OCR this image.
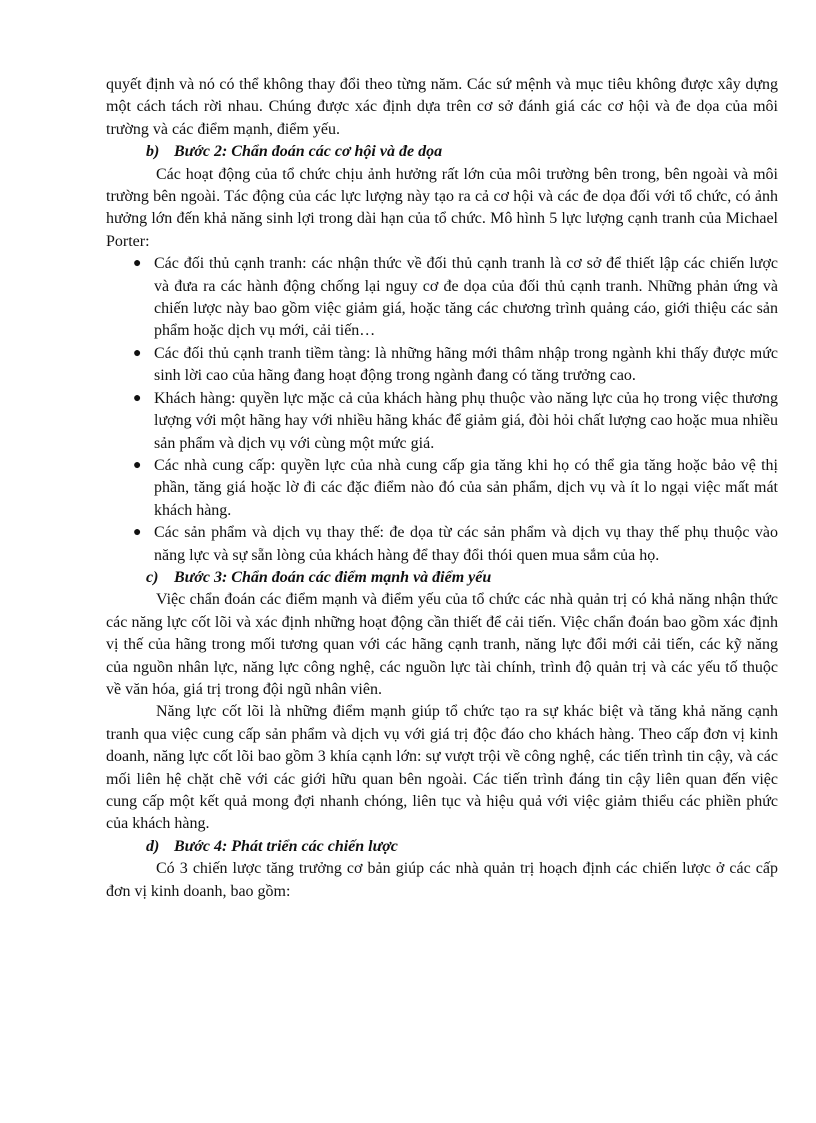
quyết định và nó có thể không thay đổi theo từng năm. Các sứ mệnh và mục tiêu không được xây dựng một cách tách rời nhau. Chúng được xác định dựa trên cơ sở đánh giá các cơ hội và đe dọa của môi trường và các điểm mạnh, điểm yếu.

b) Bước 2: Chẩn đoán các cơ hội và đe dọa

Các hoạt động của tổ chức chịu ảnh hưởng rất lớn của môi trường bên trong, bên ngoài và môi trường bên ngoài. Tác động của các lực lượng này tạo ra cả cơ hội và các đe dọa đối với tổ chức, có ảnh hưởng lớn đến khả năng sinh lợi trong dài hạn của tổ chức. Mô hình 5 lực lượng cạnh tranh của Michael Porter:

● Các đối thủ cạnh tranh: các nhận thức về đối thủ cạnh tranh là cơ sở để thiết lập các chiến lược và đưa ra các hành động chống lại nguy cơ đe dọa của đối thủ cạnh tranh. Những phản ứng và chiến lược này bao gồm việc giảm giá, hoặc tăng các chương trình quảng cáo, giới thiệu các sản phẩm hoặc dịch vụ mới, cải tiến…
● Các đối thủ cạnh tranh tiềm tàng: là những hãng mới thâm nhập trong ngành khi thấy được mức sinh lời cao của hãng đang hoạt động trong ngành đang có tăng trưởng cao.
● Khách hàng: quyền lực mặc cả của khách hàng phụ thuộc vào năng lực của họ trong việc thương lượng với một hãng hay với nhiều hãng khác để giảm giá, đòi hỏi chất lượng cao hoặc mua nhiều sản phẩm và dịch vụ với cùng một mức giá.
● Các nhà cung cấp: quyền lực của nhà cung cấp gia tăng khi họ có thể gia tăng hoặc bảo vệ thị phần, tăng giá hoặc lờ đi các đặc điểm nào đó của sản phẩm, dịch vụ và ít lo ngại việc mất mát khách hàng.
● Các sản phẩm và dịch vụ thay thế: đe dọa từ các sản phẩm và dịch vụ thay thế phụ thuộc vào năng lực và sự sẵn lòng của khách hàng để thay đổi thói quen mua sắm của họ.
c) Bước 3: Chẩn đoán các điểm mạnh và điểm yếu

Việc chẩn đoán các điểm mạnh và điểm yếu của tổ chức các nhà quản trị có khả năng nhận thức các năng lực cốt lõi và xác định những hoạt động cần thiết để cải tiến. Việc chẩn đoán bao gồm xác định vị thế của hãng trong mối tương quan với các hãng cạnh tranh, năng lực đổi mới cải tiến, các kỹ năng của nguồn nhân lực, năng lực công nghệ, các nguồn lực tài chính, trình độ quản trị và các yếu tố thuộc về văn hóa, giá trị trong đội ngũ nhân viên.

Năng lực cốt lõi là những điểm mạnh giúp tổ chức tạo ra sự khác biệt và tăng khả năng cạnh tranh qua việc cung cấp sản phẩm và dịch vụ với giá trị độc đáo cho khách hàng. Theo cấp đơn vị kinh doanh, năng lực cốt lõi bao gồm 3 khía cạnh lớn: sự vượt trội về công nghệ, các tiến trình tin cậy, và các mối liên hệ chặt chẽ với các giới hữu quan bên ngoài. Các tiến trình đáng tin cậy liên quan đến việc cung cấp một kết quả mong đợi nhanh chóng, liên tục và hiệu quả với việc giảm thiểu các phiền phức của khách hàng.

d) Bước 4: Phát triển các chiến lược

Có 3 chiến lược tăng trưởng cơ bản giúp các nhà quản trị hoạch định các chiến lược ở các cấp đơn vị kinh doanh, bao gồm:
